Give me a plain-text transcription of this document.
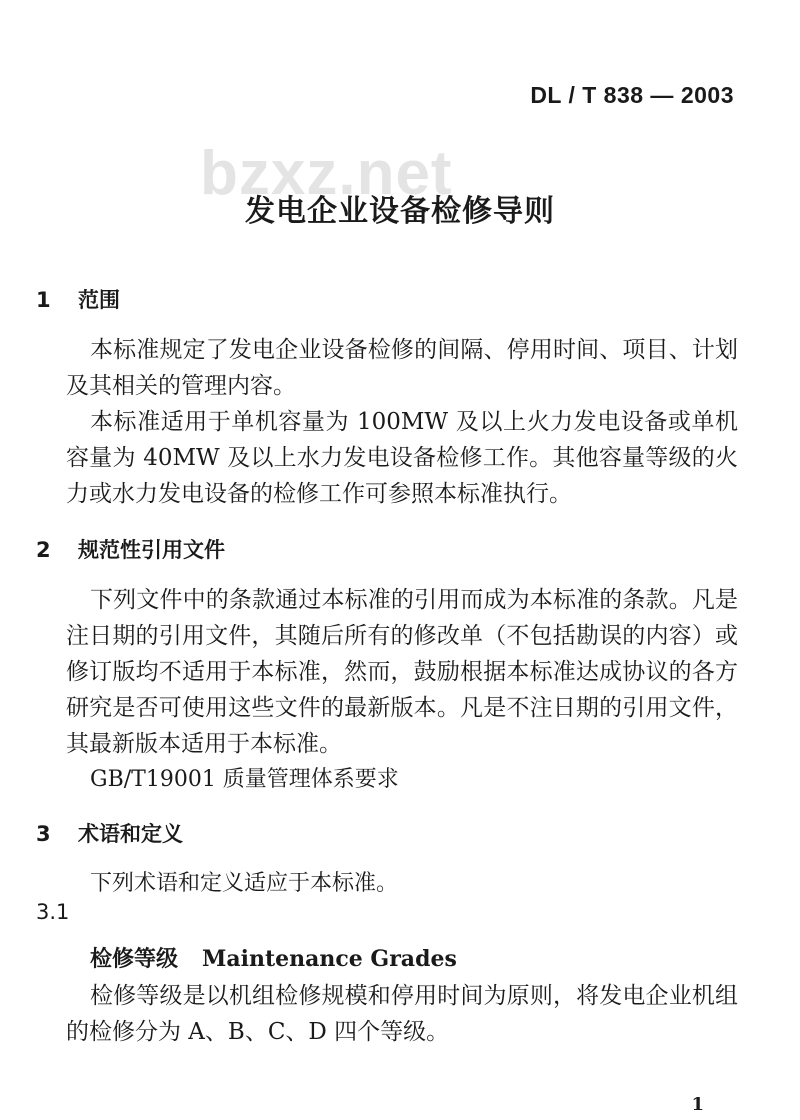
DL / T 838 — 2003
bzxz.net
发电企业设备检修导则
1 范围

本标准规定了发电企业设备检修的间隔、停用时间、项目、计划及其相关的管理内容。

本标准适用于单机容量为 100MW 及以上火力发电设备或单机容量为 40MW 及以上水力发电设备检修工作。其他容量等级的火力或水力发电设备的检修工作可参照本标准执行。

2 规范性引用文件

下列文件中的条款通过本标准的引用而成为本标准的条款。凡是注日期的引用文件，其随后所有的修改单（不包括勘误的内容）或修订版均不适用于本标准，然而，鼓励根据本标准达成协议的各方研究是否可使用这些文件的最新版本。凡是不注日期的引用文件，其最新版本适用于本标准。

GB/T19001 质量管理体系要求
3 术语和定义
下列术语和定义适应于本标准。
3.1
检修等级 Maintenance Grades

检修等级是以机组检修规模和停用时间为原则，将发电企业机组的检修分为 A、B、C、D 四个等级。

1
